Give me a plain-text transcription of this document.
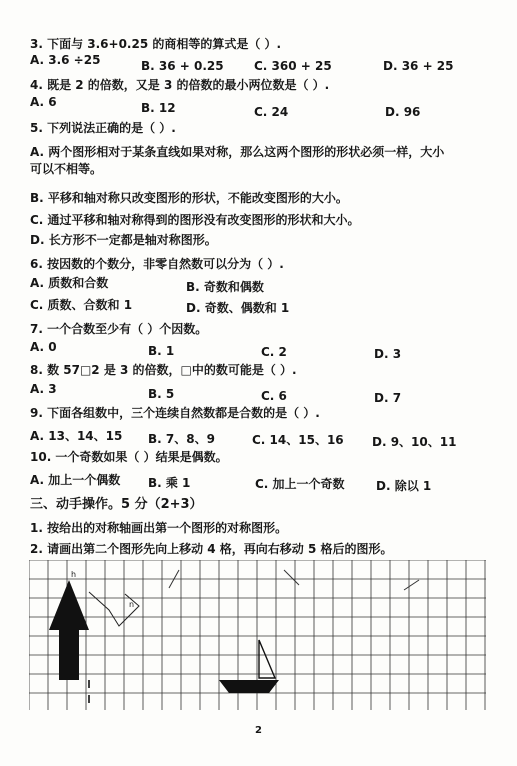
3. 下面与 3.6+0.25 的商相等的算式是（ ）.
A. 3.6 ÷25	B. 36 + 0.25	C. 360 + 25	D. 36 + 25
4. 既是 2 的倍数，又是 3 的倍数的最小两位数是（ ）.
A. 6	B. 12	C. 24	D. 96
5. 下列说法正确的是（ ）.
A. 两个图形相对于某条直线如果对称，那么这两个图形的形状必须一样，大小
可以不相等。
B. 平移和轴对称只改变图形的形状，不能改变图形的大小。
C. 通过平移和轴对称得到的图形没有改变图形的形状和大小。
D. 长方形不一定都是轴对称图形。
6. 按因数的个数分，非零自然数可以分为（ ）.
A. 质数和合数	B. 奇数和偶数
C. 质数、合数和 1	D. 奇数、偶数和 1
7. 一个合数至少有（ ）个因数。
A. 0	B. 1	C. 2	D. 3
8. 数 57□2 是 3 的倍数，□中的数可能是（ ）.
A. 3	B. 5	C. 6	D. 7
9. 下面各组数中，三个连续自然数都是合数的是（ ）.
A. 13、14、15 B. 7、8、9	C. 14、15、16 D. 9、10、11
10. 一个奇数如果（ ）结果是偶数。
A. 加上一个偶数 B. 乘 1	C. 加上一个奇数	D. 除以 1
三、动手操作。5 分（2+3）
1. 按给出的对称轴画出第一个图形的对称图形。
2. 请画出第二个图形先向上移动 4 格，再向右移动 5 格后的图形。
h
n
2
